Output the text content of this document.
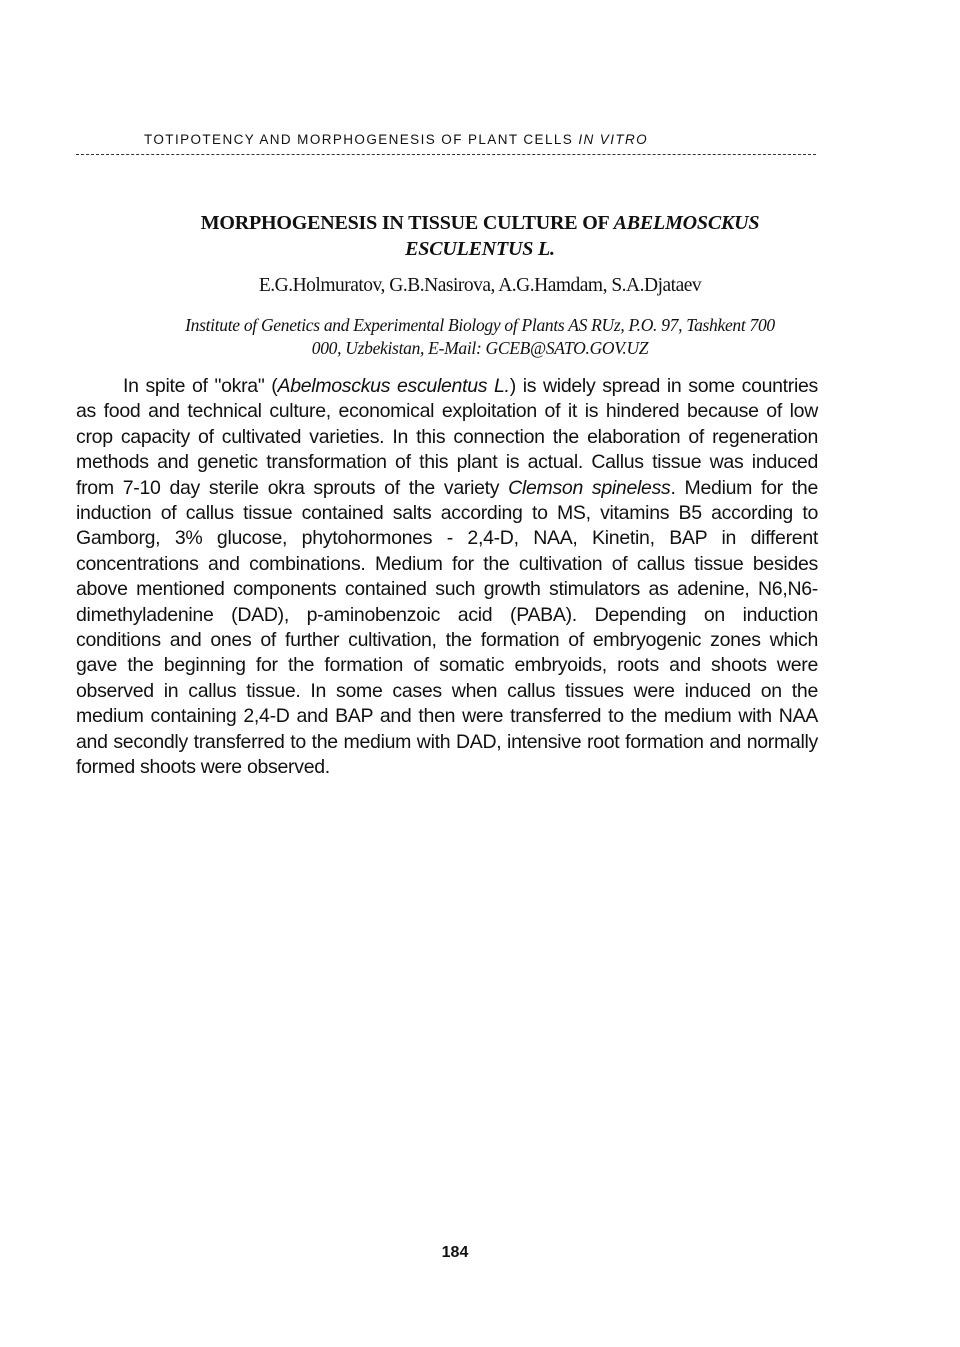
TOTIPOTENCY AND MORPHOGENESIS OF PLANT CELLS IN VITRO
MORPHOGENESIS IN TISSUE CULTURE OF ABELMOSCKUS
ESCULENTUS L.
E.G.Holmuratov, G.B.Nasirova, A.G.Hamdam, S.A.Djataev
Institute of Genetics and Experimental Biology of Plants AS RUz, P.O. 97, Tashkent 700
000, Uzbekistan, E-Mail: GCEB@SATO.GOV.UZ

In spite of "okra" (Abelmosckus esculentus L.) is widely spread in some countries as food and technical culture, economical exploitation of it is hindered because of low crop capacity of cultivated varieties. In this connection the elaboration of regeneration methods and genetic transformation of this plant is actual. Callus tissue was induced from 7-10 day sterile okra sprouts of the variety Clemson spineless. Medium for the induction of callus tissue contained salts according to MS, vitamins B5 according to Gamborg, 3% glucose, phytohormones - 2,4-D, NAA, Kinetin, BAP in different concentrations and combinations. Medium for the cultivation of callus tissue besides above mentioned components contained such growth stimulators as adenine, N6,N6-dimethyladenine (DAD), p-aminobenzoic acid (PABA). Depending on induction conditions and ones of further cultivation, the formation of embryogenic zones which gave the beginning for the formation of somatic embryoids, roots and shoots were observed in callus tissue. In some cases when callus tissues were induced on the medium containing 2,4-D and BAP and then were transferred to the medium with NAA and secondly transferred to the medium with DAD, intensive root formation and normally formed shoots were observed.

184
